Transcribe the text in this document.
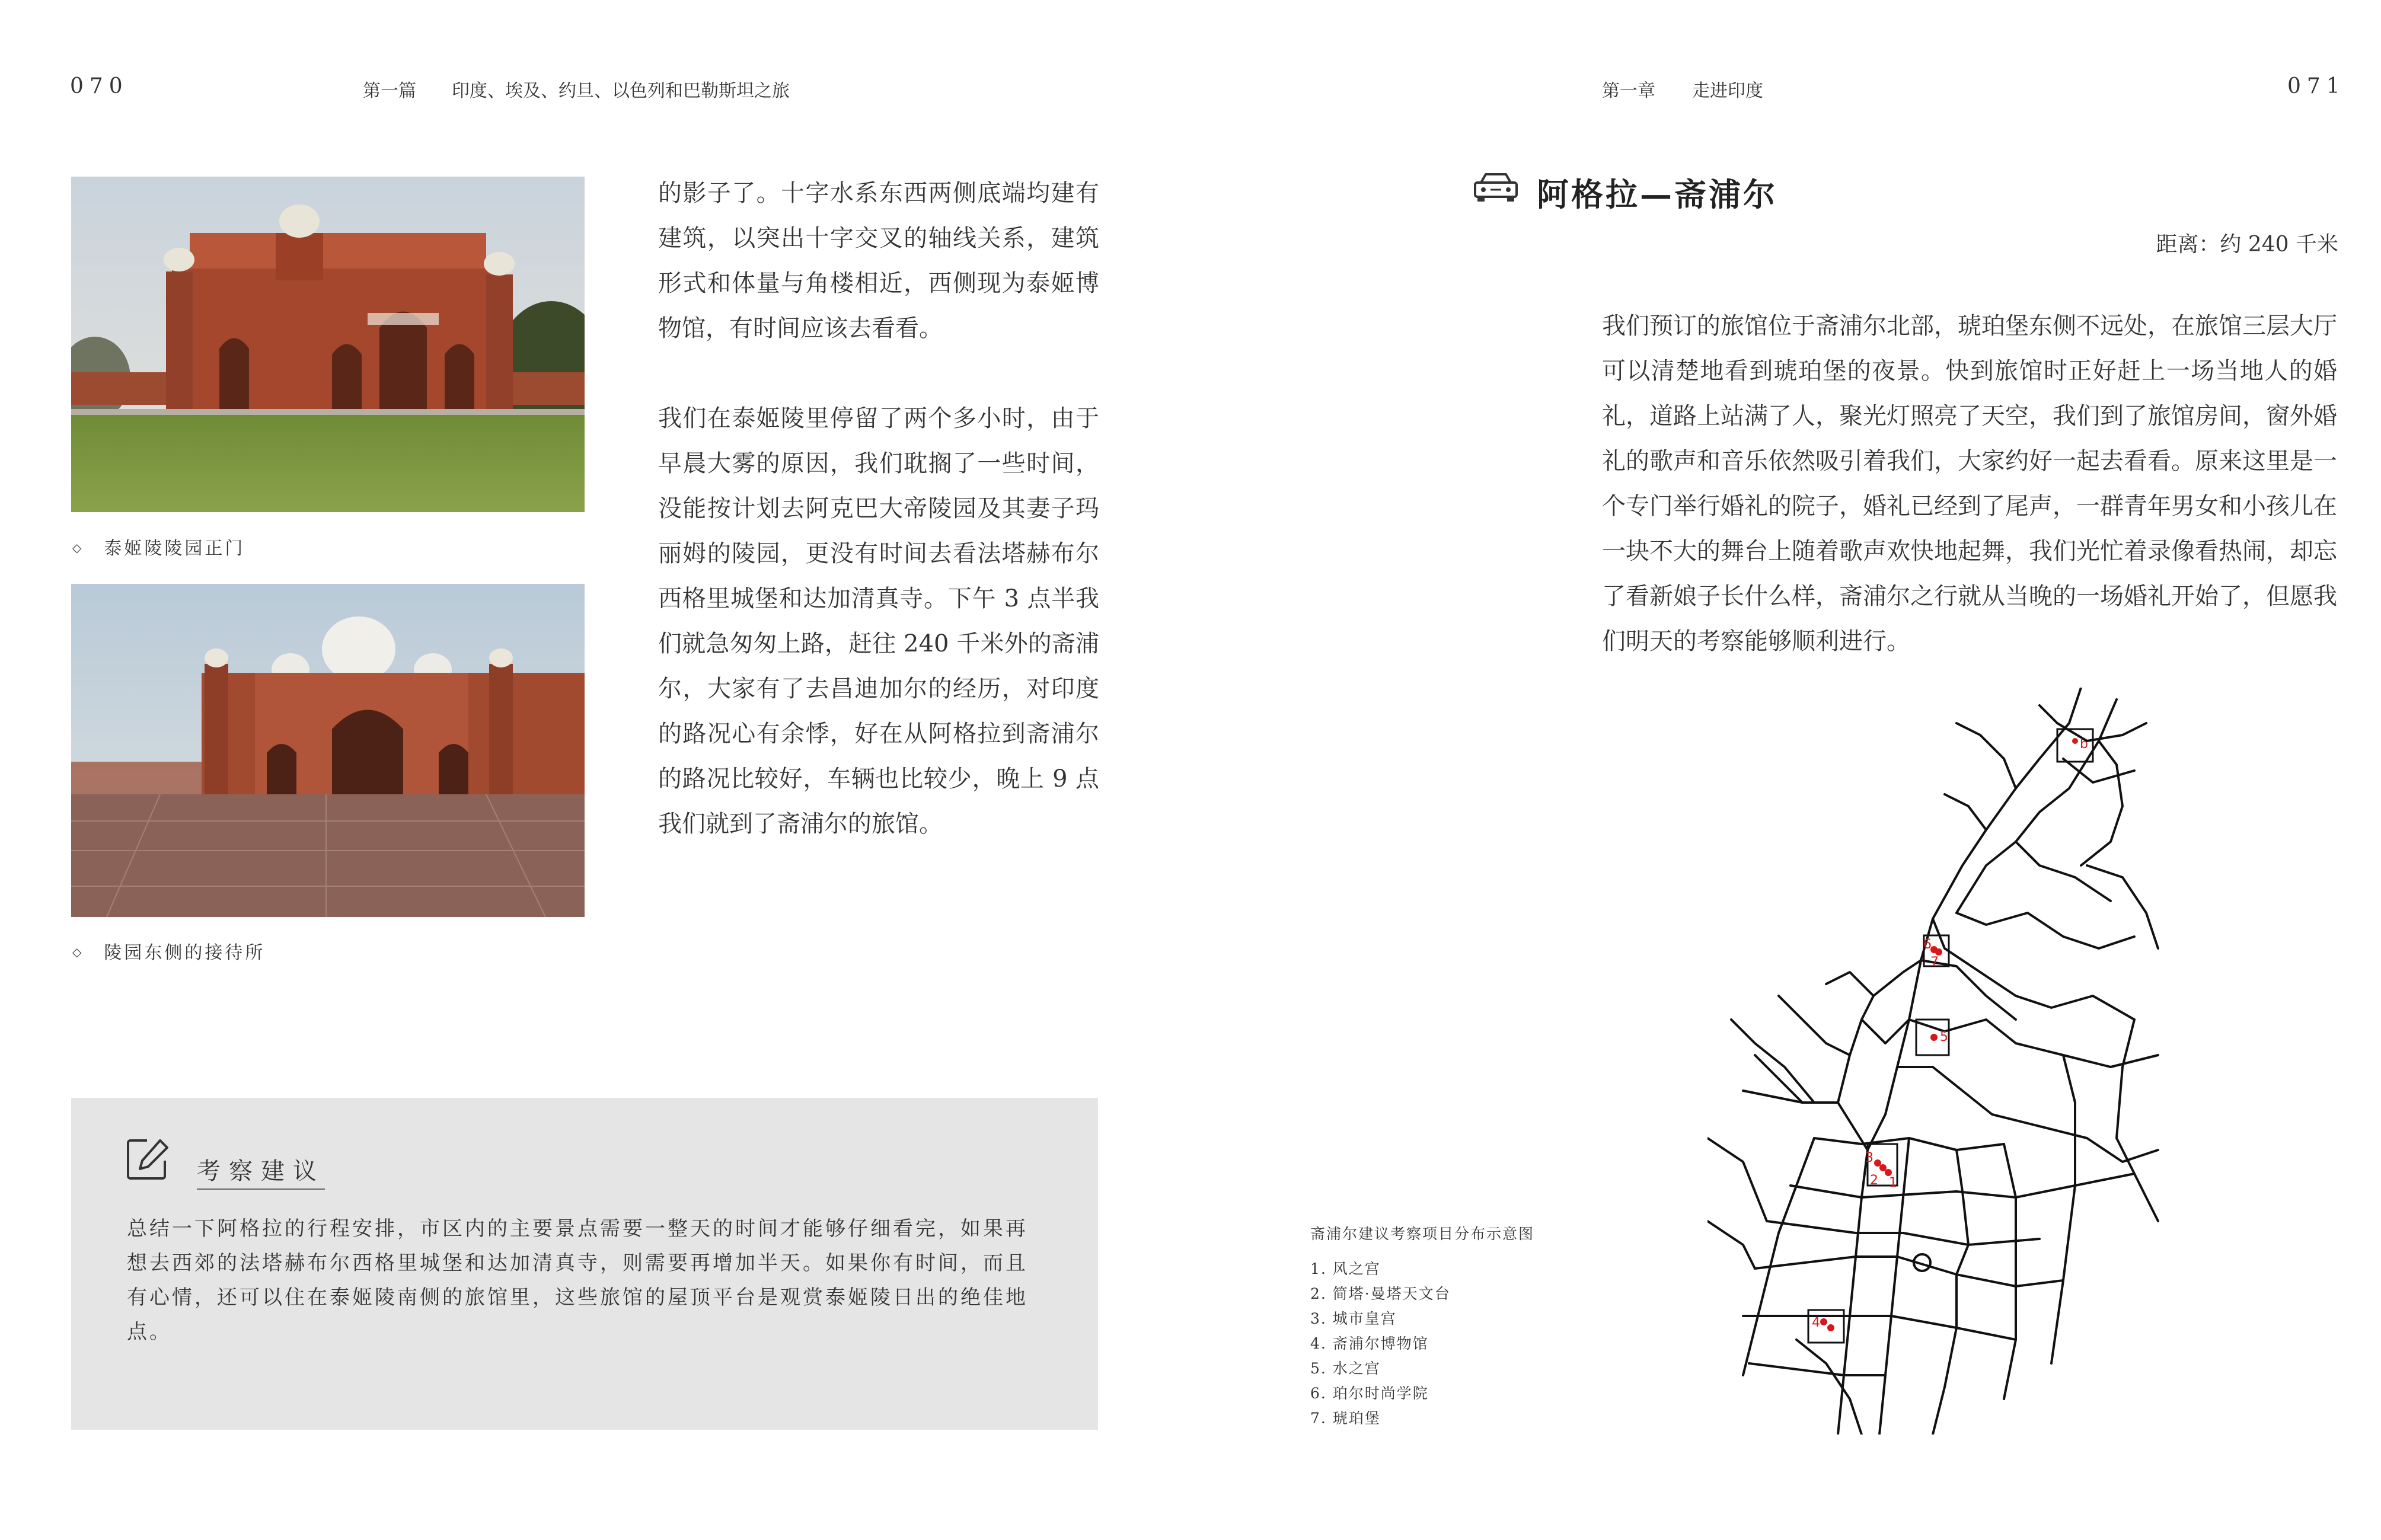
070	第一篇 印度、埃及、约旦、以色列和巴勒斯坦之旅
◇ 泰姬陵陵园正门
◇ 陵园东侧的接待所

的影子了。十字水系东西两侧底端均建有建筑，以突出十字交叉的轴线关系，建筑形式和体量与角楼相近，西侧现为泰姬博物馆，有时间应该去看看。

我们在泰姬陵里停留了两个多小时，由于早晨大雾的原因，我们耽搁了一些时间，没能按计划去阿克巴大帝陵园及其妻子玛丽姆的陵园，更没有时间去看法塔赫布尔西格里城堡和达加清真寺。下午 3 点半我们就急匆匆上路，赶往 240 千米外的斋浦尔，大家有了去昌迪加尔的经历，对印度的路况心有余悸，好在从阿格拉到斋浦尔的路况比较好，车辆也比较少，晚上 9 点我们就到了斋浦尔的旅馆。

考察建议
总结一下阿格拉的行程安排，市区内的主要景点需要一整天的时间才能够仔细看完，如果再想去西郊的法塔赫布尔西格里城堡和达加清真寺，则需要再增加半天。如果你有时间，而且有心情，还可以住在泰姬陵南侧的旅馆里，这些旅馆的屋顶平台是观赏泰姬陵日出的绝佳地点。
第一章 走进印度	071
阿格拉—斋浦尔
距离：约 240 千米

我们预订的旅馆位于斋浦尔北部，琥珀堡东侧不远处，在旅馆三层大厅可以清楚地看到琥珀堡的夜景。快到旅馆时正好赶上一场当地人的婚礼，道路上站满了人，聚光灯照亮了天空，我们到了旅馆房间，窗外婚礼的歌声和音乐依然吸引着我们，大家约好一起去看看。原来这里是一个专门举行婚礼的院子，婚礼已经到了尾声，一群青年男女和小孩儿在一块不大的舞台上随着歌声欢快地起舞，我们光忙着录像看热闹，却忘了看新娘子长什么样，斋浦尔之行就从当晚的一场婚礼开始了，但愿我们明天的考察能够顺利进行。

斋浦尔建议考察项目分布示意图
1. 风之宫
2. 简塔·曼塔天文台
3. 城市皇宫
4. 斋浦尔博物馆
5. 水之宫
6. 珀尔时尚学院
7. 琥珀堡
b
6
7
5
3
2 1
4
